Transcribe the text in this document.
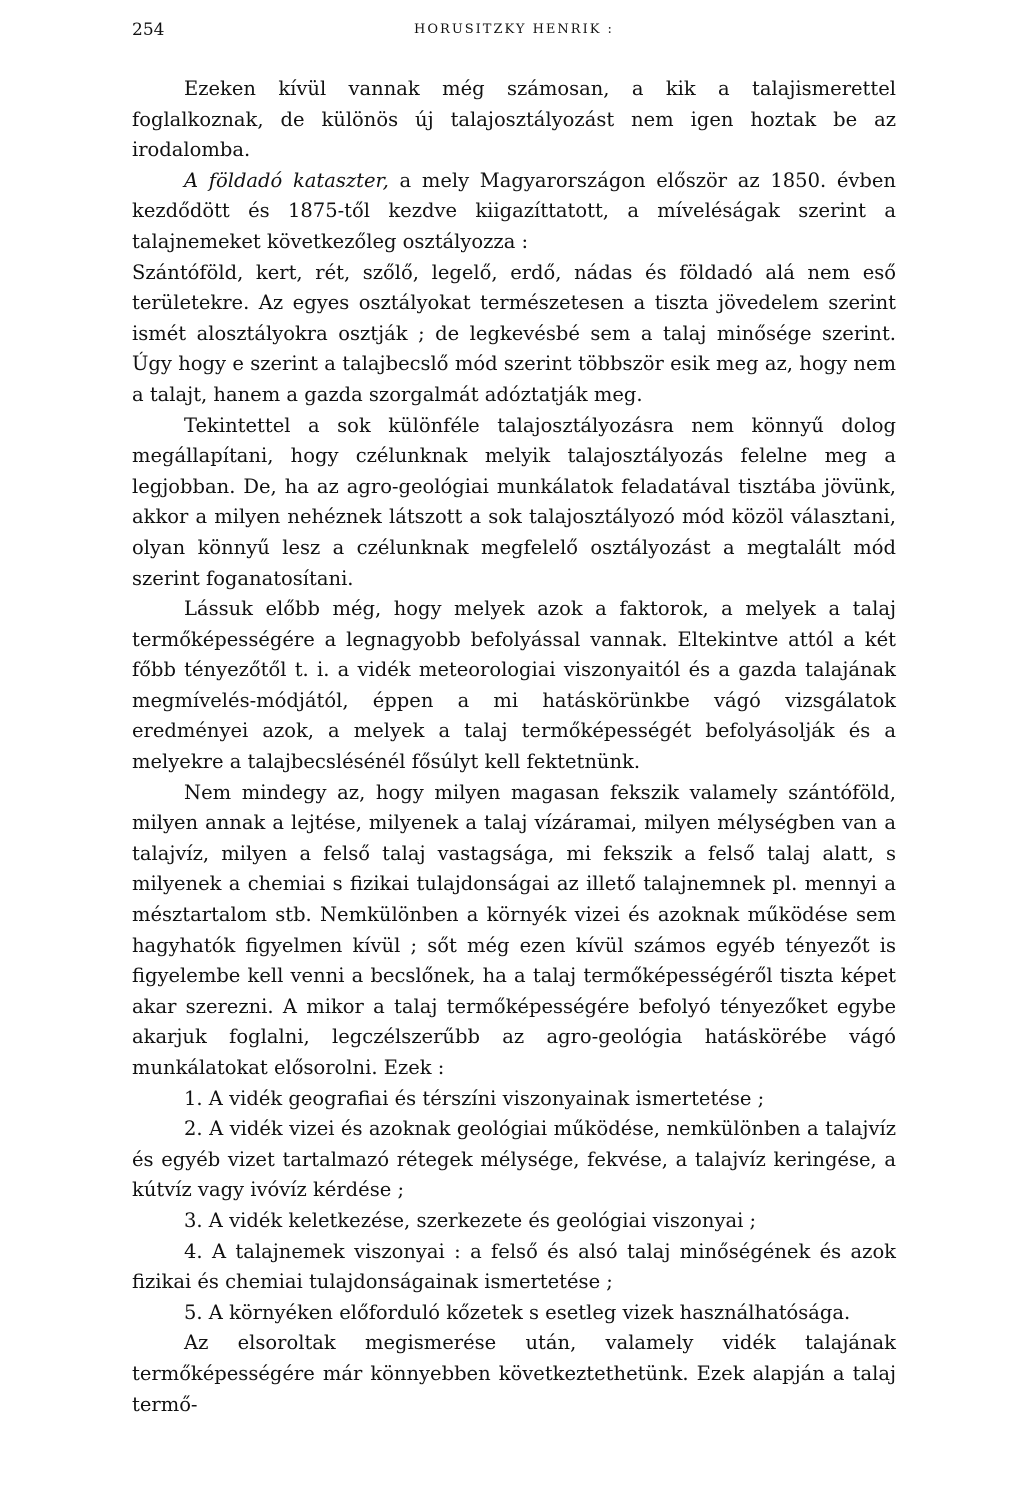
254	HORUSITZKY HENRIK :

Ezeken kívül vannak még számosan, a kik a talajismerettel foglalkoznak, de különös új talajosztályozást nem igen hoztak be az irodalomba.

A földadó kataszter, a mely Magyarországon először az 1850. évben kezdődött és 1875-től kezdve kiigazíttatott, a míveléságak szerint a talajnemeket következőleg osztályozza :

Szántóföld, kert, rét, szőlő, legelő, erdő, nádas és földadó alá nem eső területekre. Az egyes osztályokat természetesen a tiszta jövedelem szerint ismét alosztályokra osztják ; de legkevésbé sem a talaj minősége szerint. Úgy hogy e szerint a talajbecslő mód szerint többször esik meg az, hogy nem a talajt, hanem a gazda szorgalmát adóztatják meg.

Tekintettel a sok különféle talajosztályozásra nem könnyű dolog megállapítani, hogy czélunknak melyik talajosztályozás felelne meg a legjobban. De, ha az agro-geológiai munkálatok feladatával tisztába jövünk, akkor a milyen nehéznek látszott a sok talajosztályozó mód közöl választani, olyan könnyű lesz a czélunknak megfelelő osztályozást a megtalált mód szerint foganatosítani.

Lássuk előbb még, hogy melyek azok a faktorok, a melyek a talaj termőképességére a legnagyobb befolyással vannak. Eltekintve attól a két főbb tényezőtől t. i. a vidék meteorologiai viszonyaitól és a gazda talajának megmívelés-módjától, éppen a mi hatáskörünkbe vágó vizsgálatok eredményei azok, a melyek a talaj termőképességét befolyásolják és a melyekre a talajbecslésénél fősúlyt kell fektetnünk.

Nem mindegy az, hogy milyen magasan fekszik valamely szántóföld, milyen annak a lejtése, milyenek a talaj vízáramai, milyen mélységben van a talajvíz, milyen a felső talaj vastagsága, mi fekszik a felső talaj alatt, s milyenek a chemiai s fizikai tulajdonságai az illető talajnemnek pl. mennyi a mésztartalom stb. Nemkülönben a környék vizei és azoknak működése sem hagyhatók figyelmen kívül ; sőt még ezen kívül számos egyéb tényezőt is figyelembe kell venni a becslőnek, ha a talaj termőképességéről tiszta képet akar szerezni. A mikor a talaj termőképességére befolyó tényezőket egybe akarjuk foglalni, legczélszerűbb az agro-geológia hatáskörébe vágó munkálatokat elősorolni. Ezek :

1. A vidék geografiai és térszíni viszonyainak ismertetése ;

2. A vidék vizei és azoknak geológiai működése, nemkülönben a talajvíz és egyéb vizet tartalmazó rétegek mélysége, fekvése, a talajvíz keringése, a kútvíz vagy ivóvíz kérdése ;

3. A vidék keletkezése, szerkezete és geológiai viszonyai ;

4. A talajnemek viszonyai : a felső és alsó talaj minőségének és azok fizikai és chemiai tulajdonságainak ismertetése ;

5. A környéken előforduló kőzetek s esetleg vizek használhatósága.

Az elsoroltak megismerése után, valamely vidék talajának termőképességére már könnyebben következtethetünk. Ezek alapján a talaj termő-
